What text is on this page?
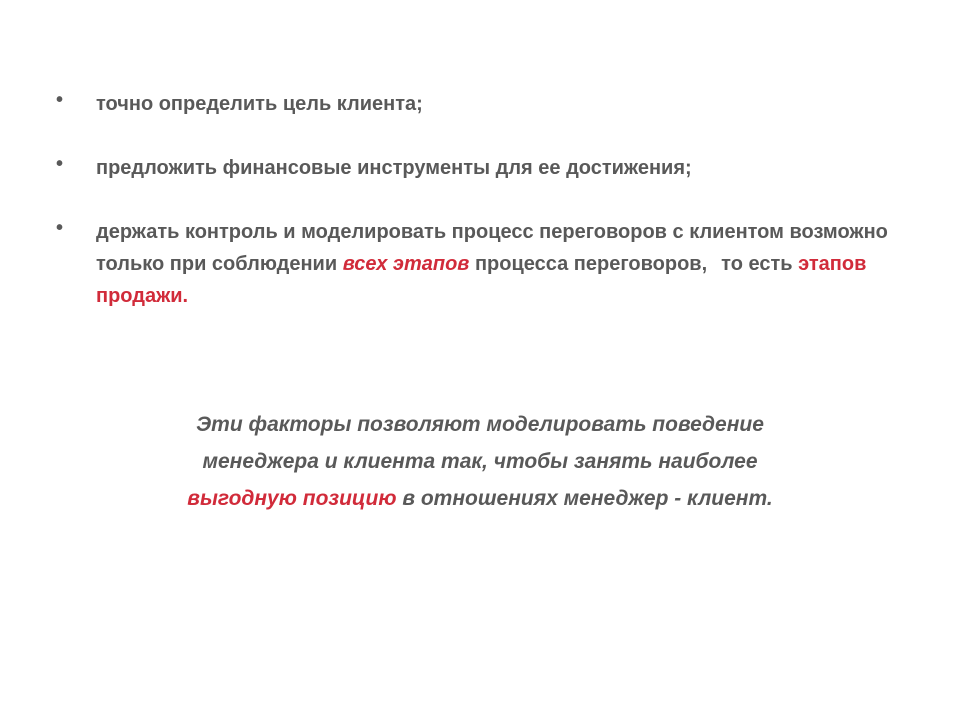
• точно определить цель клиента;
• предложить финансовые инструменты для ее достижения;
• держать контроль и моделировать процесс переговоров с клиентом возможно только при соблюдении всех этапов процесса переговоров, то есть этапов продажи.
Эти факторы позволяют моделировать поведение
менеджера и клиента так, чтобы занять наиболее
выгодную позицию в отношениях менеджер - клиент.
